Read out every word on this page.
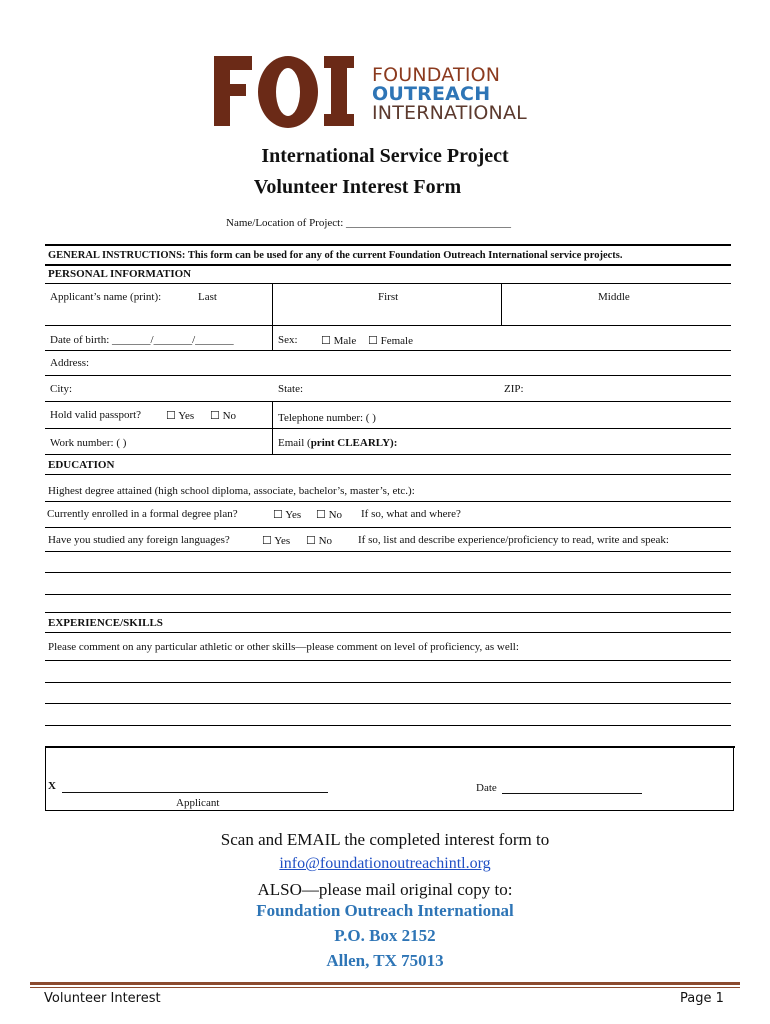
FOUNDATION
OUTREACH
INTERNATIONAL
International Service Project
Volunteer Interest Form
Name/Location of Project: ______________________________
GENERAL INSTRUCTIONS: This form can be used for any of the current Foundation Outreach International service projects.
PERSONAL INFORMATION
Applicant’s name (print):	Last	First	Middle
Date of birth: _______/_______/_______	Sex: ☐ Male ☐ Female
Address:
City:	State:	ZIP:
Hold valid passport? ☐ Yes ☐ No	Telephone number: ( )
Work number: ( )	Email (print CLEARLY):
EDUCATION
Highest degree attained (high school diploma, associate, bachelor’s, master’s, etc.):
Currently enrolled in a formal degree plan?	☐ Yes ☐ No If so, what and where?
Have you studied any foreign languages?	☐ Yes ☐ No If so, list and describe experience/proficiency to read, write and speak:
EXPERIENCE/SKILLS
Please comment on any particular athletic or other skills—please comment on level of proficiency, as well:
X
Applicant
Date
Scan and EMAIL the completed interest form to
info@foundationoutreachintl.org
ALSO—please mail original copy to:
Foundation Outreach International
P.O. Box 2152
Allen, TX 75013
Volunteer Interest	Page 1
